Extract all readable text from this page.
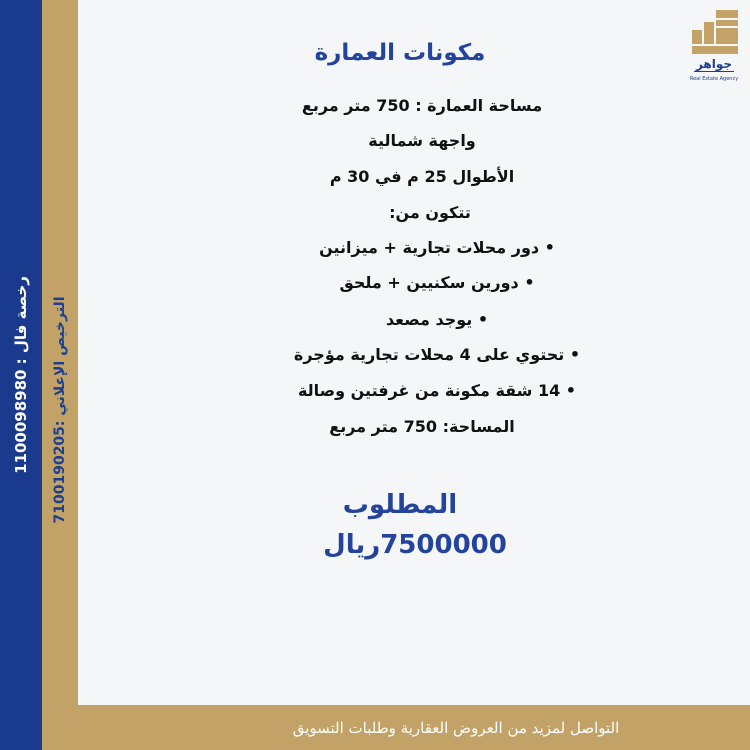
رخصة فال : 1100098980
الترخيص الإعلاني :7100190205
جواهر
Real Estate Agency
مكونات العمارة
مساحة العمارة : 750 متر مربع
واجهة شمالية
الأطوال 25 م في 30 م
تتكون من:
• دور محلات تجارية + ميزانين
• دورين سكنيين + ملحق
• يوجد مصعد
• تحتوي على 4 محلات تجارية مؤجرة
• 14 شقة مكونة من غرفتين وصالة
المساحة: 750 متر مربع
المطلوب
7500000ريال
التواصل لمزيد من العروض العقارية وطلبات التسويق
